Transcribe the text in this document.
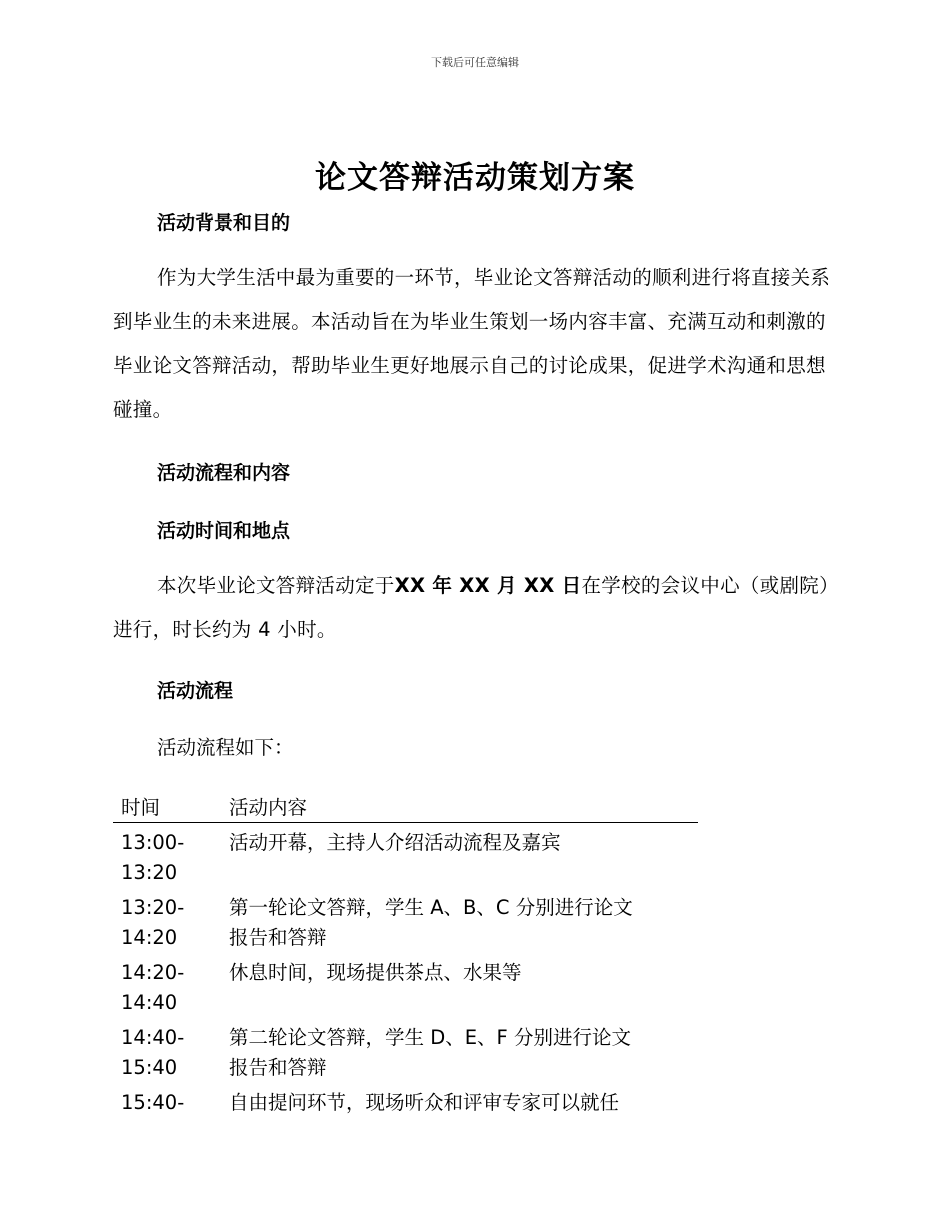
下载后可任意编辑
论文答辩活动策划方案
活动背景和目的
作为大学生活中最为重要的一环节，毕业论文答辩活动的顺利进行将直接关系到毕业生的未来进展。本活动旨在为毕业生策划一场内容丰富、充满互动和刺激的毕业论文答辩活动，帮助毕业生更好地展示自己的讨论成果，促进学术沟通和思想碰撞。
活动流程和内容
活动时间和地点
本次毕业论文答辩活动定于XX 年 XX 月 XX 日在学校的会议中心（或剧院）进行，时长约为 4 小时。
活动流程
活动流程如下：
时间	活动内容
13:00-
13:20
活动开幕，主持人介绍活动流程及嘉宾
13:20-
14:20
第一轮论文答辩，学生 A、B、C 分别进行论文
报告和答辩
14:20-
14:40
休息时间，现场提供茶点、水果等
14:40-
15:40
第二轮论文答辩，学生 D、E、F 分别进行论文
报告和答辩
15:40-	自由提问环节，现场听众和评审专家可以就任
